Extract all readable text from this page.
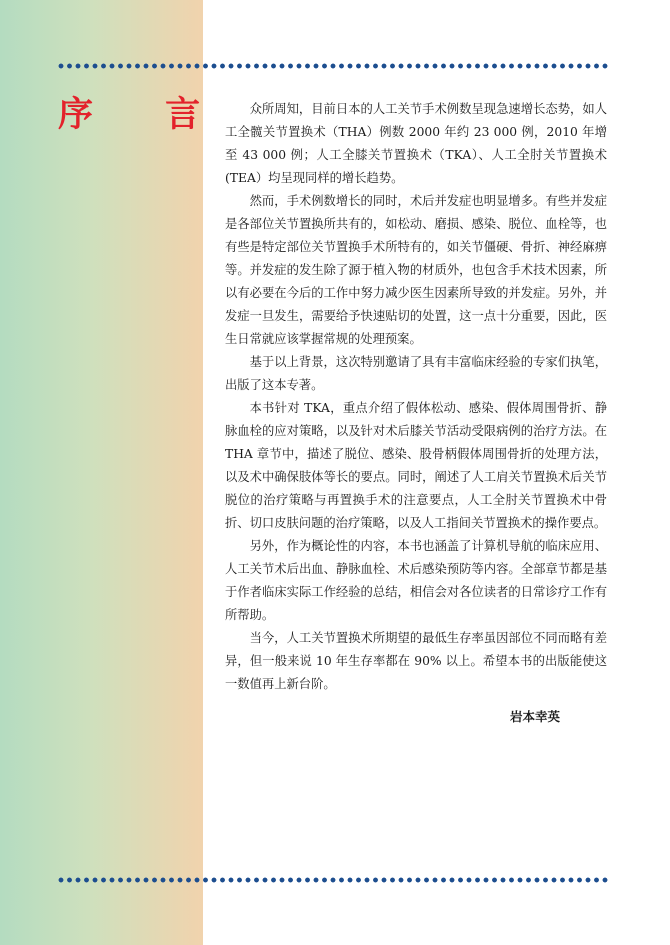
序 言	众所周知，目前日本的人工关节手术例数呈现急速增长态势，如人工全髋关节置换术（THA）例数 2000 年约 23 000 例，2010 年增至 43 000 例；人工全膝关节置换术（TKA）、人工全肘关节置换术 (TEA）均呈现同样的增长趋势。

然而，手术例数增长的同时，术后并发症也明显增多。有些并发症是各部位关节置换所共有的，如松动、磨损、感染、脱位、血栓等，也有些是特定部位关节置换手术所特有的，如关节僵硬、骨折、神经麻痹等。并发症的发生除了源于植入物的材质外，也包含手术技术因素，所以有必要在今后的工作中努力减少医生因素所导致的并发症。另外，并发症一旦发生，需要给予快速贴切的处置，这一点十分重要，因此，医生日常就应该掌握常规的处理预案。

基于以上背景，这次特别邀请了具有丰富临床经验的专家们执笔，出版了这本专著。

本书针对 TKA，重点介绍了假体松动、感染、假体周围骨折、静脉血栓的应对策略，以及针对术后膝关节活动受限病例的治疗方法。在 THA 章节中，描述了脱位、感染、股骨柄假体周围骨折的处理方法，以及术中确保肢体等长的要点。同时，阐述了人工肩关节置换术后关节脱位的治疗策略与再置换手术的注意要点，人工全肘关节置换术中骨折、切口皮肤问题的治疗策略，以及人工指间关节置换术的操作要点。

另外，作为概论性的内容，本书也涵盖了计算机导航的临床应用、人工关节术后出血、静脉血栓、术后感染预防等内容。全部章节都是基于作者临床实际工作经验的总结，相信会对各位读者的日常诊疗工作有所帮助。

当今，人工关节置换术所期望的最低生存率虽因部位不同而略有差异，但一般来说 10 年生存率都在 90% 以上。希望本书的出版能使这一数值再上新台阶。

岩本幸英
